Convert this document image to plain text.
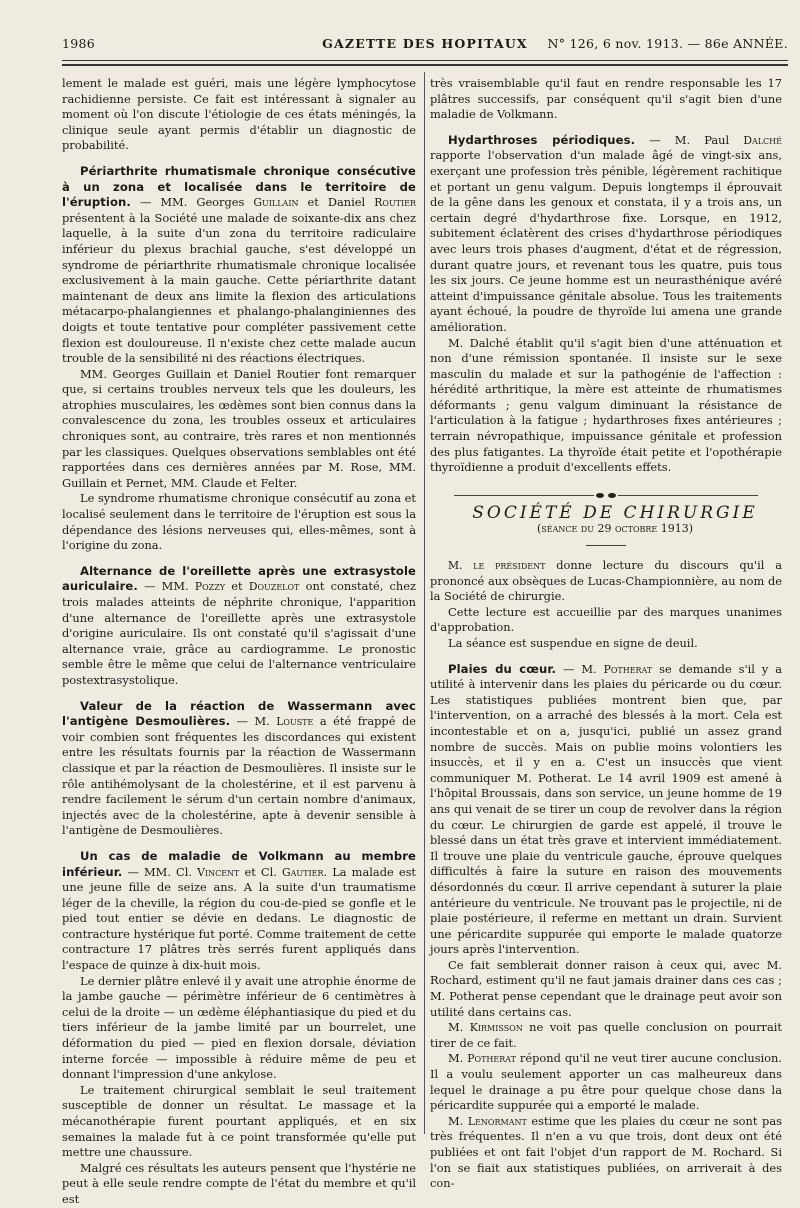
1986	GAZETTE DES HOPITAUX	N° 126, 6 nov. 1913. — 86e ANNÉE.

lement le malade est guéri, mais une légère lymphocytose rachidienne persiste. Ce fait est intéressant à signaler au moment où l'on discute l'étiologie de ces états méningés, la clinique seule ayant permis d'établir un diagnostic de probabilité.

Périarthrite rhumatismale chronique consécutive à un zona et localisée dans le territoire de l'éruption. — MM. Georges Guillain et Daniel Routier présentent à la Société une malade de soixante-dix ans chez laquelle, à la suite d'un zona du territoire radiculaire inférieur du plexus brachial gauche, s'est développé un syndrome de périarthrite rhumatismale chronique localisée exclusivement à la main gauche. Cette périarthrite datant maintenant de deux ans limite la flexion des articulations métacarpo-phalangiennes et phalango-phalanginiennes des doigts et toute tentative pour compléter passivement cette flexion est douloureuse. Il n'existe chez cette malade aucun trouble de la sensibilité ni des réactions électriques.

MM. Georges Guillain et Daniel Routier font remarquer que, si certains troubles nerveux tels que les douleurs, les atrophies musculaires, les œdèmes sont bien connus dans la convalescence du zona, les troubles osseux et articulaires chroniques sont, au contraire, très rares et non mentionnés par les classiques. Quelques observations semblables ont été rapportées dans ces dernières années par M. Rose, MM. Guillain et Pernet, MM. Claude et Felter.

Le syndrome rhumatisme chronique consécutif au zona et localisé seulement dans le territoire de l'éruption est sous la dépendance des lésions nerveuses qui, elles-mêmes, sont à l'origine du zona.

Alternance de l'oreillette après une extrasystole auriculaire. — MM. Pozzy et Douzelot ont constaté, chez trois malades atteints de néphrite chronique, l'apparition d'une alternance de l'oreillette après une extrasystole d'origine auriculaire. Ils ont constaté qu'il s'agissait d'une alternance vraie, grâce au cardiogramme. Le pronostic semble être le même que celui de l'alternance ventriculaire postextrasystolique.

Valeur de la réaction de Wassermann avec l'antigène Desmoulières. — M. Louste a été frappé de voir combien sont fréquentes les discordances qui existent entre les résultats fournis par la réaction de Wassermann classique et par la réaction de Desmoulières. Il insiste sur le rôle antihémolysant de la cholestérine, et il est parvenu à rendre facilement le sérum d'un certain nombre d'animaux, injectés avec de la cholestérine, apte à devenir sensible à l'antigène de Desmoulières.

Un cas de maladie de Volkmann au membre inférieur. — MM. Cl. Vincent et Cl. Gautier. La malade est une jeune fille de seize ans. A la suite d'un traumatisme léger de la cheville, la région du cou-de-pied se gonfle et le pied tout entier se dévie en dedans. Le diagnostic de contracture hystérique fut porté. Comme traitement de cette contracture 17 plâtres très serrés furent appliqués dans l'espace de quinze à dix-huit mois.

Le dernier plâtre enlevé il y avait une atrophie énorme de la jambe gauche — périmètre inférieur de 6 centimètres à celui de la droite — un œdème éléphantiasique du pied et du tiers inférieur de la jambe limité par un bourrelet, une déformation du pied — pied en flexion dorsale, déviation interne forcée — impossible à réduire même de peu et donnant l'impression d'une ankylose.

Le traitement chirurgical semblait le seul traitement susceptible de donner un résultat. Le massage et la mécanothérapie furent pourtant appliqués, et en six semaines la malade fut à ce point transformée qu'elle put mettre une chaussure.

Malgré ces résultats les auteurs pensent que l'hystérie ne peut à elle seule rendre compte de l'état du membre et qu'il est

très vraisemblable qu'il faut en rendre responsable les 17 plâtres successifs, par conséquent qu'il s'agit bien d'une maladie de Volkmann.

Hydarthroses périodiques. — M. Paul Dalché rapporte l'observation d'un malade âgé de vingt-six ans, exerçant une profession très pénible, légèrement rachitique et portant un genu valgum. Depuis longtemps il éprouvait de la gêne dans les genoux et constata, il y a trois ans, un certain degré d'hydarthrose fixe. Lorsque, en 1912, subitement éclatèrent des crises d'hydarthrose périodiques avec leurs trois phases d'augment, d'état et de régression, durant quatre jours, et revenant tous les quatre, puis tous les six jours. Ce jeune homme est un neurasthénique avéré atteint d'impuissance génitale absolue. Tous les traitements ayant échoué, la poudre de thyroïde lui amena une grande amélioration.

M. Dalché établit qu'il s'agit bien d'une atténuation et non d'une rémission spontanée. Il insiste sur le sexe masculin du malade et sur la pathogénie de l'affection : hérédité arthritique, la mère est atteinte de rhumatismes déformants ; genu valgum diminuant la résistance de l'articulation à la fatigue ; hydarthroses fixes antérieures ; terrain névropathique, impuissance génitale et profession des plus fatigantes. La thyroïde était petite et l'opothérapie thyroïdienne a produit d'excellents effets.

SOCIÉTÉ DE CHIRURGIE

(séance du 29 octobre 1913)

M. le président donne lecture du discours qu'il a prononcé aux obsèques de Lucas-Championnière, au nom de la Société de chirurgie.

Cette lecture est accueillie par des marques unanimes d'approbation.

La séance est suspendue en signe de deuil.

Plaies du cœur. — M. Potherat se demande s'il y a utilité à intervenir dans les plaies du péricarde ou du cœur. Les statistiques publiées montrent bien que, par l'intervention, on a arraché des blessés à la mort. Cela est incontestable et on a, jusqu'ici, publié un assez grand nombre de succès. Mais on publie moins volontiers les insuccès, et il y en a. C'est un insuccès que vient communiquer M. Potherat. Le 14 avril 1909 est amené à l'hôpital Broussais, dans son service, un jeune homme de 19 ans qui venait de se tirer un coup de revolver dans la région du cœur. Le chirurgien de garde est appelé, il trouve le blessé dans un état très grave et intervient immédiatement. Il trouve une plaie du ventricule gauche, éprouve quelques difficultés à faire la suture en raison des mouvements désordonnés du cœur. Il arrive cependant à suturer la plaie antérieure du ventricule. Ne trouvant pas le projectile, ni de plaie postérieure, il referme en mettant un drain. Survient une péricardite suppurée qui emporte le malade quatorze jours après l'intervention.

Ce fait semblerait donner raison à ceux qui, avec M. Rochard, estiment qu'il ne faut jamais drainer dans ces cas ; M. Potherat pense cependant que le drainage peut avoir son utilité dans certains cas.

M. Kirmisson ne voit pas quelle conclusion on pourrait tirer de ce fait.

M. Potherat répond qu'il ne veut tirer aucune conclusion. Il a voulu seulement apporter un cas malheureux dans lequel le drainage a pu être pour quelque chose dans la péricardite suppurée qui a emporté le malade.

M. Lenormant estime que les plaies du cœur ne sont pas très fréquentes. Il n'en a vu que trois, dont deux ont été publiées et ont fait l'objet d'un rapport de M. Rochard. Si l'on se fiait aux statistiques publiées, on arriverait à des con-
